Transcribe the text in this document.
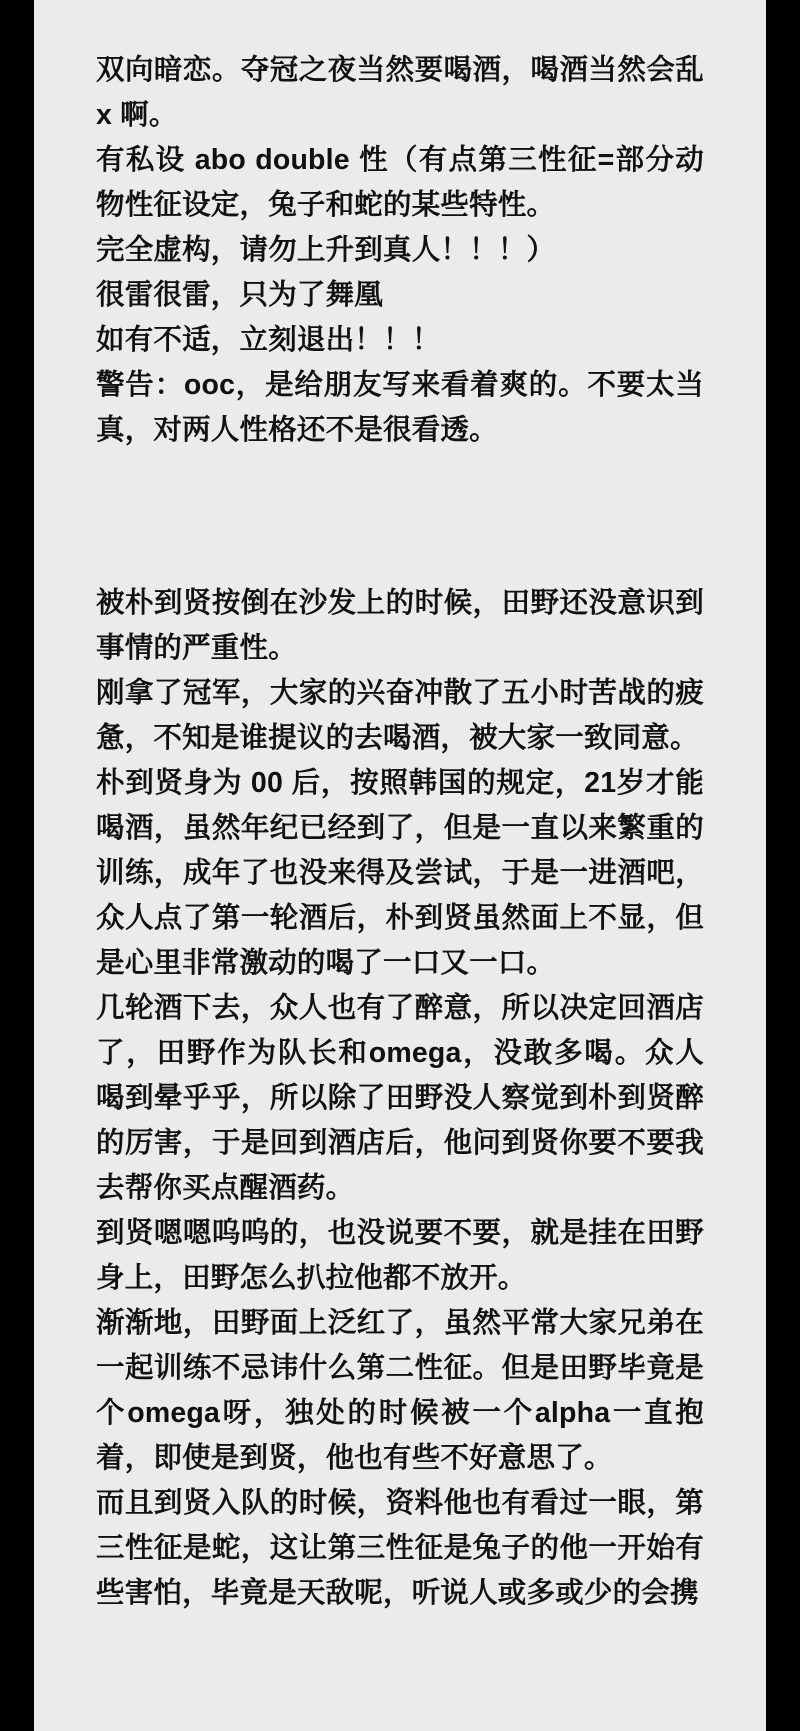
双向暗恋。夺冠之夜当然要喝酒，喝酒当然会乱 x 啊。

有私设 abo double 性（有点第三性征=部分动物性征设定，兔子和蛇的某些特性。

完全虚构，请勿上升到真人！！！）

很雷很雷，只为了舞凰

如有不适，立刻退出！！！

警告：ooc，是给朋友写来看着爽的。不要太当真，对两人性格还不是很看透。

被朴到贤按倒在沙发上的时候，田野还没意识到事情的严重性。

刚拿了冠军，大家的兴奋冲散了五小时苦战的疲惫，不知是谁提议的去喝酒，被大家一致同意。

朴到贤身为 00 后，按照韩国的规定，21岁才能喝酒，虽然年纪已经到了，但是一直以来繁重的训练，成年了也没来得及尝试，于是一进酒吧，众人点了第一轮酒后，朴到贤虽然面上不显，但是心里非常激动的喝了一口又一口。

几轮酒下去，众人也有了醉意，所以决定回酒店了，田野作为队长和omega，没敢多喝。众人喝到晕乎乎，所以除了田野没人察觉到朴到贤醉的厉害，于是回到酒店后，他问到贤你要不要我去帮你买点醒酒药。

到贤嗯嗯呜呜的，也没说要不要，就是挂在田野身上，田野怎么扒拉他都不放开。

渐渐地，田野面上泛红了，虽然平常大家兄弟在一起训练不忌讳什么第二性征。但是田野毕竟是个omega呀，独处的时候被一个alpha一直抱着，即使是到贤，他也有些不好意思了。

而且到贤入队的时候，资料他也有看过一眼，第三性征是蛇，这让第三性征是兔子的他一开始有些害怕，毕竟是天敌呢，听说人或多或少的会携
